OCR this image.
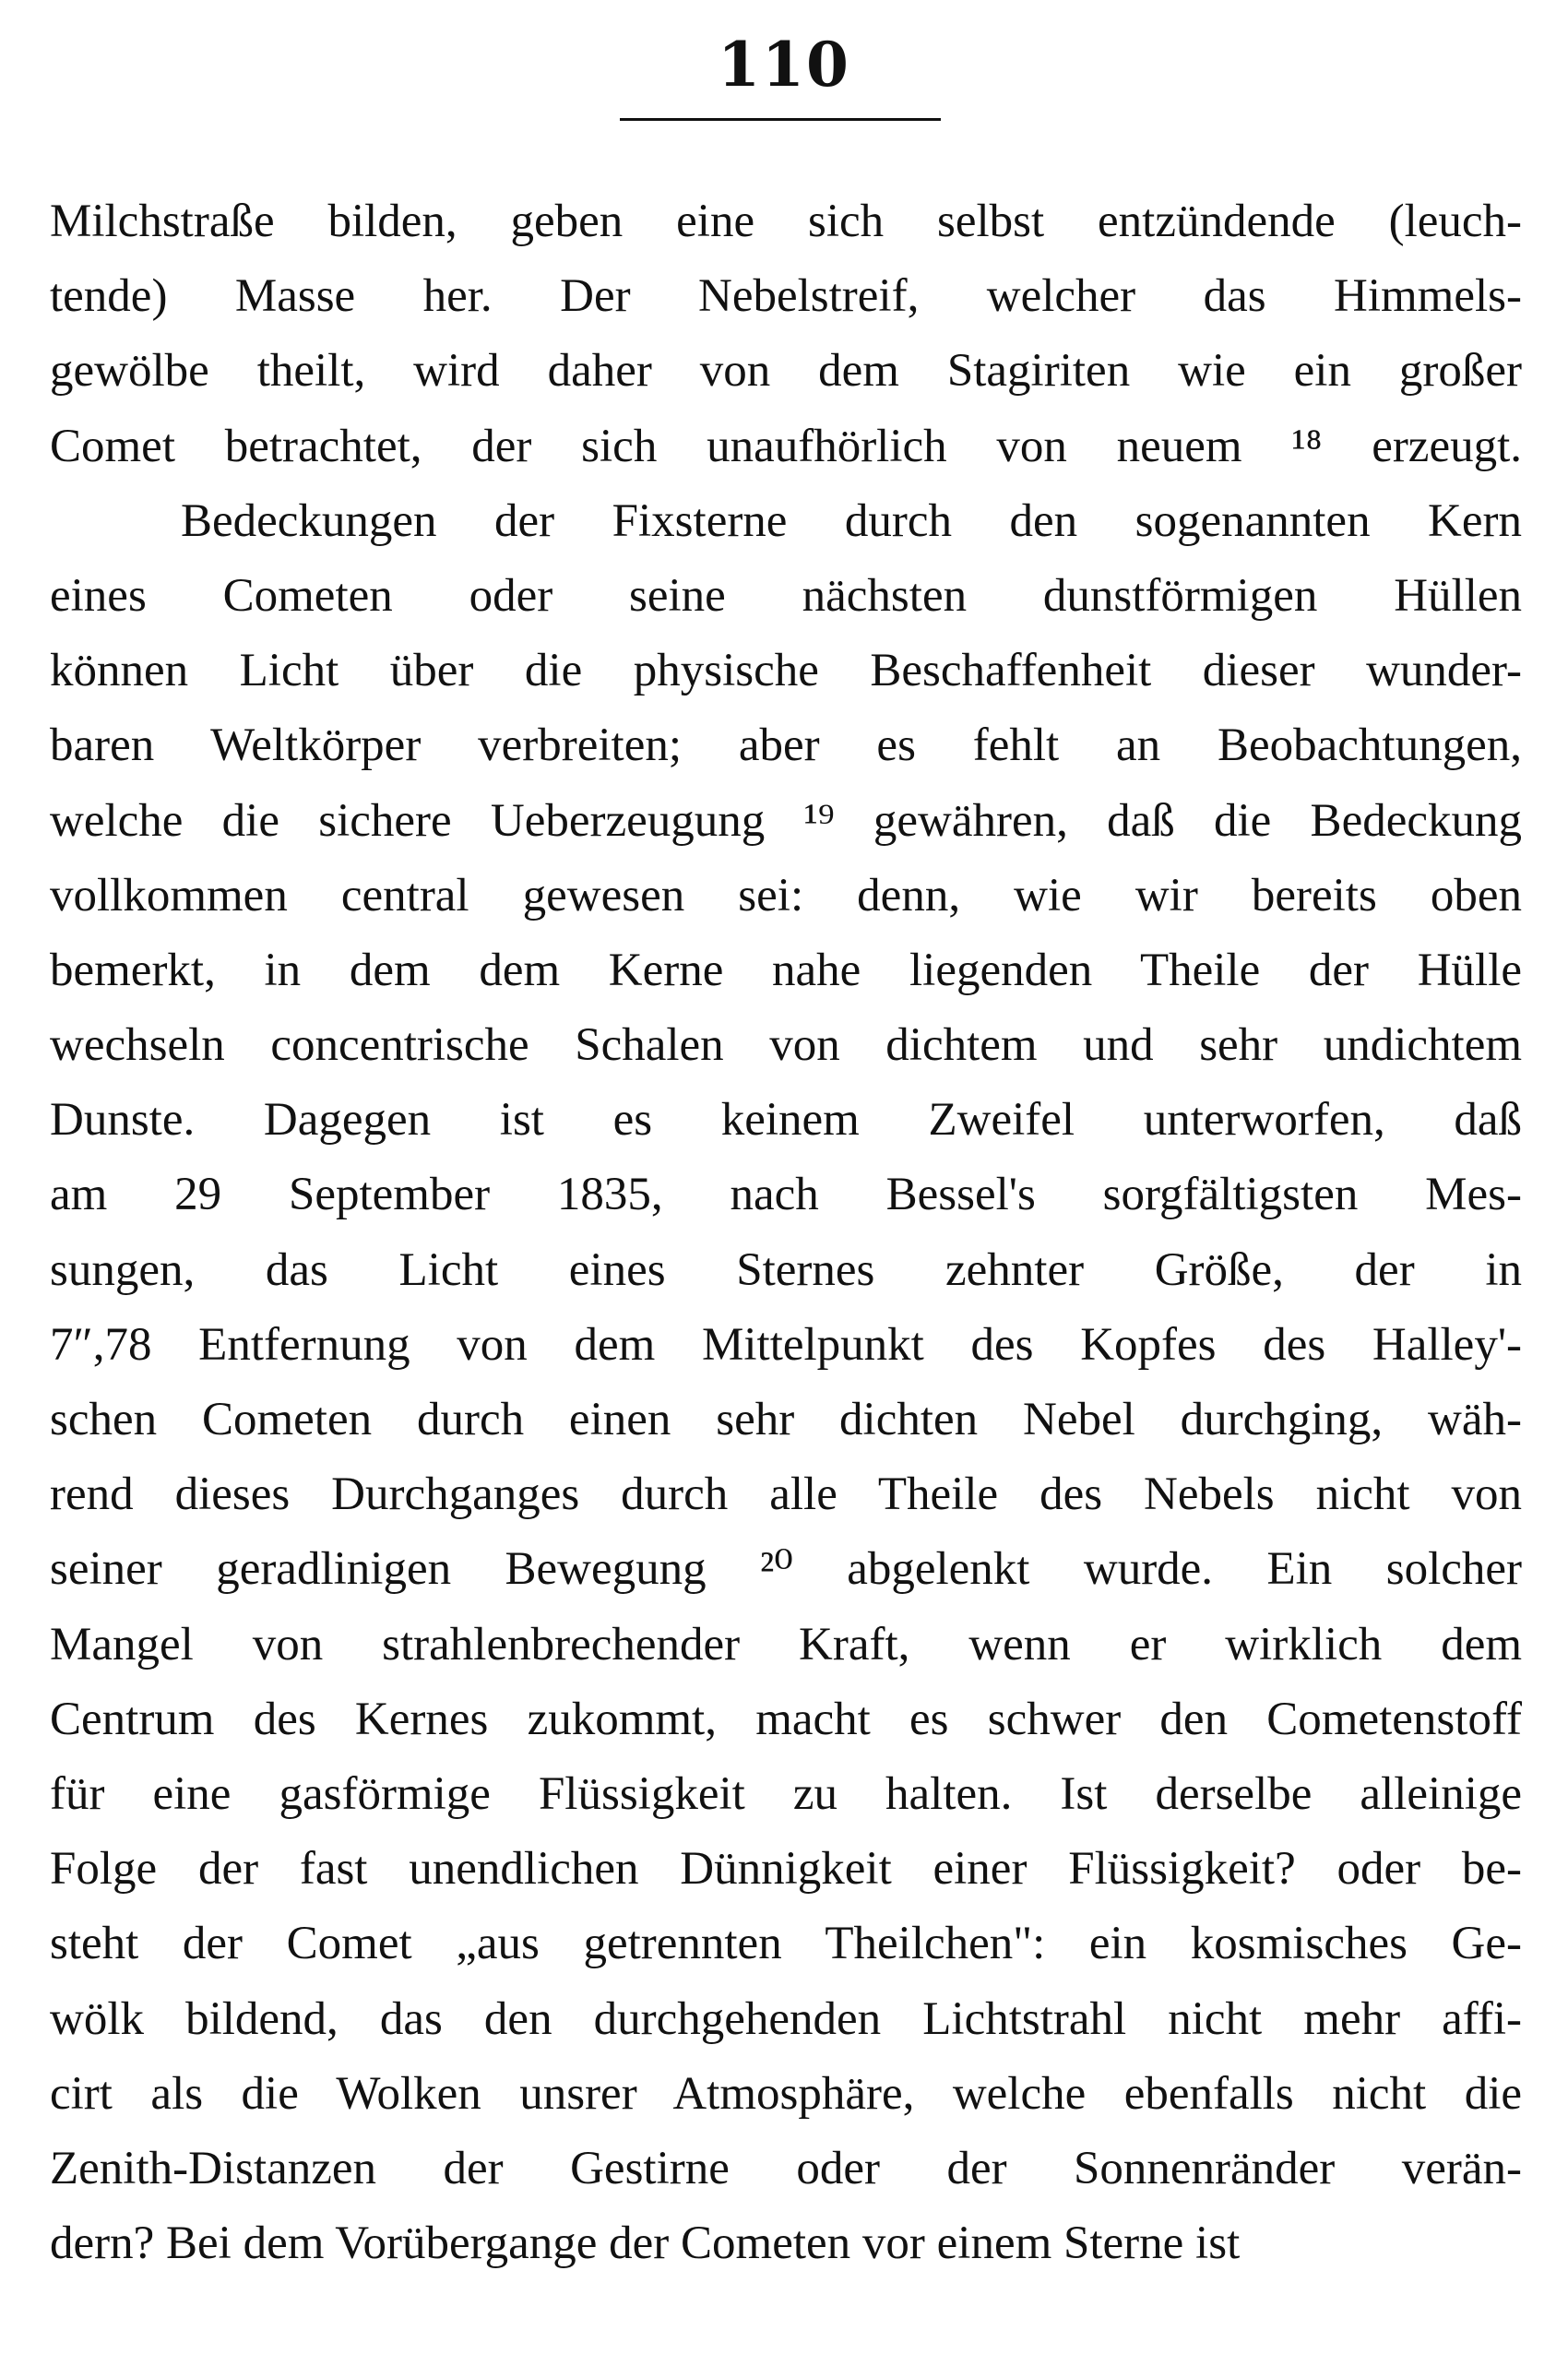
110
Milchstraße bilden, geben eine sich selbst entzündende (leuch-
tende) Masse her. Der Nebelstreif, welcher das Himmels-
gewölbe theilt, wird daher von dem Stagiriten wie ein großer
Comet betrachtet, der sich unaufhörlich von neuem ¹⁸ erzeugt.
Bedeckungen der Fixsterne durch den sogenannten Kern
eines Cometen oder seine nächsten dunstförmigen Hüllen
können Licht über die physische Beschaffenheit dieser wunder-
baren Weltkörper verbreiten; aber es fehlt an Beobachtungen,
welche die sichere Ueberzeugung ¹⁹ gewähren, daß die Bedeckung
vollkommen central gewesen sei: denn, wie wir bereits oben
bemerkt, in dem dem Kerne nahe liegenden Theile der Hülle
wechseln concentrische Schalen von dichtem und sehr undichtem
Dunste. Dagegen ist es keinem Zweifel unterworfen, daß
am 29 September 1835, nach Bessel's sorgfältigsten Mes-
sungen, das Licht eines Sternes zehnter Größe, der in
7″,78 Entfernung von dem Mittelpunkt des Kopfes des Halley'-
schen Cometen durch einen sehr dichten Nebel durchging, wäh-
rend dieses Durchganges durch alle Theile des Nebels nicht von
seiner geradlinigen Bewegung ²⁰ abgelenkt wurde. Ein solcher
Mangel von strahlenbrechender Kraft, wenn er wirklich dem
Centrum des Kernes zukommt, macht es schwer den Cometenstoff
für eine gasförmige Flüssigkeit zu halten. Ist derselbe alleinige
Folge der fast unendlichen Dünnigkeit einer Flüssigkeit? oder be-
steht der Comet „aus getrennten Theilchen": ein kosmisches Ge-
wölk bildend, das den durchgehenden Lichtstrahl nicht mehr affi-
cirt als die Wolken unsrer Atmosphäre, welche ebenfalls nicht die
Zenith-Distanzen der Gestirne oder der Sonnenränder verän-
dern? Bei dem Vorübergange der Cometen vor einem Sterne ist
